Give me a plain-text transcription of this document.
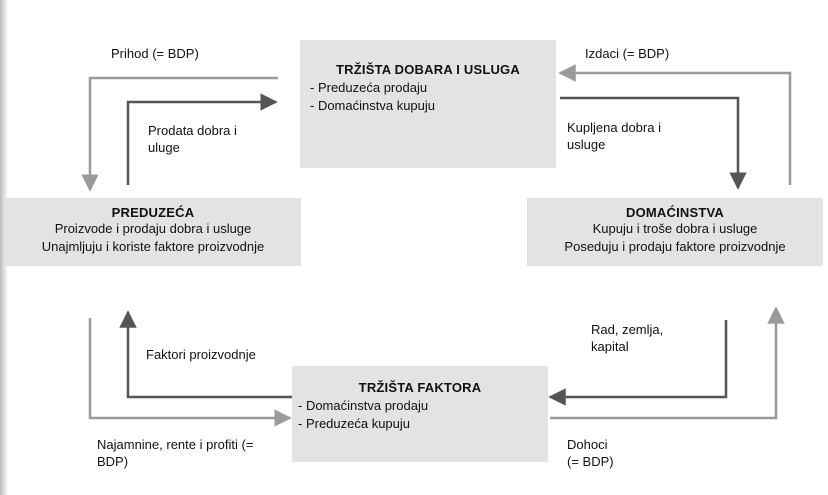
TRŽIŠTA DOBARA I USLUGA
- Preduzeća prodaju
- Domaćinstva kupuju
PREDUZEĆA
Proizvode i prodaju dobra i usluge
Unajmljuju i koriste faktore proizvodnje
DOMAĆINSTVA
Kupuju i troše dobra i usluge
Poseduju i prodaju faktore proizvodnje
TRŽIŠTA FAKTORA
- Domaćinstva prodaju
- Preduzeća kupuju
Prihod (= BDP)	Izdaci (= BDP)
Prodata dobra i
uluge
Kupljena dobra i
usluge
Faktori proizvodnje
Rad, zemlja,
kapital
Najamnine, rente i profiti (=
BDP)
Dohoci
(= BDP)
